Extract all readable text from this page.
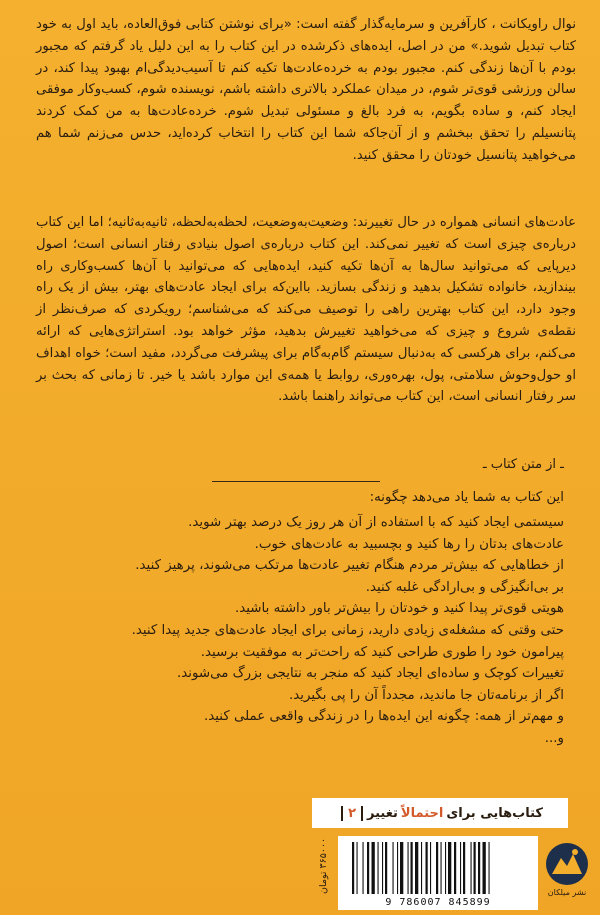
نوال راویکانت ، کارآفرین و سرمایه‌گذار گفته است: «برای نوشتن کتابی فوق‌العاده، باید اول به خود کتاب تبدیل شوید.» من در اصل، ایده‌های ذکرشده در این کتاب را به این دلیل یاد گرفتم که مجبور بودم با آن‌ها زندگی کنم. مجبور بودم به خرده‌عادت‌ها تکیه کنم تا آسیب‌دیدگی‌ام بهبود پیدا کند، در سالن ورزشی قوی‌تر شوم، در میدان عملکرد بالاتری داشته باشم، نویسنده شوم، کسب‌وکار موفقی ایجاد کنم، و ساده بگویم، به فرد بالغ و مسئولی تبدیل شوم. خرده‌عادت‌ها به من کمک کردند پتانسیلم را تحقق ببخشم و از آن‌جاکه شما این کتاب را انتخاب کرده‌اید، حدس می‌زنم شما هم می‌خواهید پتانسیل خودتان را محقق کنید.
عادت‌های انسانی همواره در حال تغییرند: وضعیت‌به‌وضعیت، لحظه‌به‌لحظه، ثانیه‌به‌ثانیه؛ اما این کتاب درباره‌ی چیزی است که تغییر نمی‌کند. این کتاب درباره‌ی اصول بنیادی رفتار انسانی است؛ اصول دیرپایی که می‌توانید سال‌ها به آن‌ها تکیه کنید، ایده‌هایی که می‌توانید با آن‌ها کسب‌وکاری راه بیندازید، خانواده تشکیل بدهید و زندگی بسازید. بااین‌که برای ایجاد عادت‌های بهتر، بیش از یک راه وجود دارد، این کتاب بهترین راهی را توصیف می‌کند که می‌شناسم؛ رویکردی که صرف‌نظر از نقطه‌ی شروع و چیزی که می‌خواهید تغییرش بدهید، مؤثر خواهد بود. استراتژی‌هایی که ارائه می‌کنم، برای هرکسی که به‌دنبال سیستم گام‌به‌گام برای پیشرفت می‌گردد، مفید است؛ خواه اهداف او حول‌وحوش سلامتی، پول، بهره‌وری، روابط یا همه‌ی این موارد باشد یا خیر. تا زمانی که بحث بر سر رفتار انسانی است، این کتاب می‌تواند راهنما باشد.
ـ از متن کتاب ـ
این کتاب به شما یاد می‌دهد چگونه:
سیستمی ایجاد کنید که با استفاده از آن هر روز یک درصد بهتر شوید.
عادت‌های بدتان را رها کنید و بچسبید به عادت‌های خوب.
از خطاهایی که بیش‌تر مردم هنگام تغییر عادت‌ها مرتکب می‌شوند، پرهیز کنید.
بر بی‌انگیزگی و بی‌ارادگی غلبه کنید.
هویتی قوی‌تر پیدا کنید و خودتان را بیش‌تر باور داشته باشید.
حتی وقتی که مشغله‌ی زیادی دارید، زمانی برای ایجاد عادت‌های جدید پیدا کنید.
پیرامون خود را طوری طراحی کنید که راحت‌تر به موفقیت برسید.
تغییرات کوچک و ساده‌ای ایجاد کنید که منجر به نتایجی بزرگ می‌شوند.
اگر از برنامه‌تان جا ماندید، مجدداً آن را پی بگیرید.
و مهم‌تر از همه: چگونه این ایده‌ها را در زندگی واقعی عملی کنید.
و...
کتاب‌هایی برای
احتمالاً
تغییر
۲
۳۶۵۰۰۰ تومان
9 786007 845899
نشر میلکان
